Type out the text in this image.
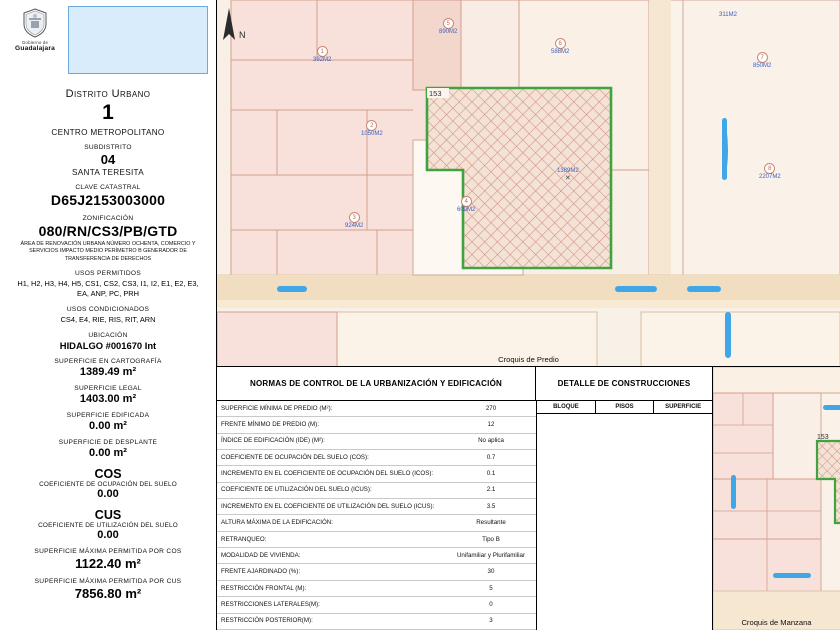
Gobierno de
Guadalajara
Distrito Urbano
1
CENTRO METROPOLITANO
SUBDISTRITO
04
SANTA TERESITA
CLAVE CATASTRAL
D65J2153003000
ZONIFICACIÓN
080/RN/CS3/PB/GTD
ÁREA DE RENOVACIÓN URBANA NÚMERO OCHENTA, COMERCIO Y SERVICIOS IMPACTO MEDIO PERÍMETRO B GENERADOR DE TRANSFERENCIA DE DERECHOS
USOS PERMITIDOS
H1, H2, H3, H4, H5, CS1, CS2, CS3, I1, I2, E1, E2, E3, EA, ANP, PC, PRH
USOS CONDICIONADOS
CS4, E4, RIE, RIS, RIT, ARN
UBICACIÓN
HIDALGO #001670 Int
SUPERFICIE EN CARTOGRAFÍA
1389.49 m²
SUPERFICIE LEGAL
1403.00 m²
SUPERFICIE EDIFICADA
0.00 m²
SUPERFICIE DE DESPLANTE
0.00 m²
COS
COEFICIENTE DE OCUPACIÓN DEL SUELO
0.00
CUS
COEFICIENTE DE UTILIZACIÓN DEL SUELO
0.00
SUPERFICIE MÁXIMA PERMITIDA POR COS
1122.40 m²
SUPERFICIE MÁXIMA PERMITIDA POR CUS
7856.80 m²
N
153
1
392M2
2
1050M2
3
924M2
4
600M2
5
890M2
6
588M2
7
850M2
8
2207M2
1389M2
✕
311M2
Croquis de Predio
NORMAS DE CONTROL DE LA URBANIZACIÓN Y EDIFICACIÓN	DETALLE DE CONSTRUCCIONES
SUPERFICIE MÍNIMA DE PREDIO (M²):	270
FRENTE MÍNIMO DE PREDIO (M):	12
ÍNDICE DE EDIFICACIÓN (IDE) (M²):	No aplica
COEFICIENTE DE OCUPACIÓN DEL SUELO (COS):	0.7
INCREMENTO EN EL COEFICIENTE DE OCUPACIÓN DEL SUELO (ICOS):	0.1
COEFICIENTE DE UTILIZACIÓN DEL SUELO (ICUS):	2.1
INCREMENTO EN EL COEFICIENTE DE UTILIZACIÓN DEL SUELO (ICUS):	3.5
ALTURA MÁXIMA DE LA EDIFICACIÓN:	Resultante
RETRANQUEO:	Tipo B
MODALIDAD DE VIVIENDA:	Unifamiliar y Plurifamiliar
FRENTE AJARDINADO (%):	30
RESTRICCIÓN FRONTAL (M):	5
RESTRICCIONES LATERALES(M):	0
RESTRICCIÓN POSTERIOR(M):	3
BLOQUE	PISOS	SUPERFICIE
153
Croquis de Manzana
